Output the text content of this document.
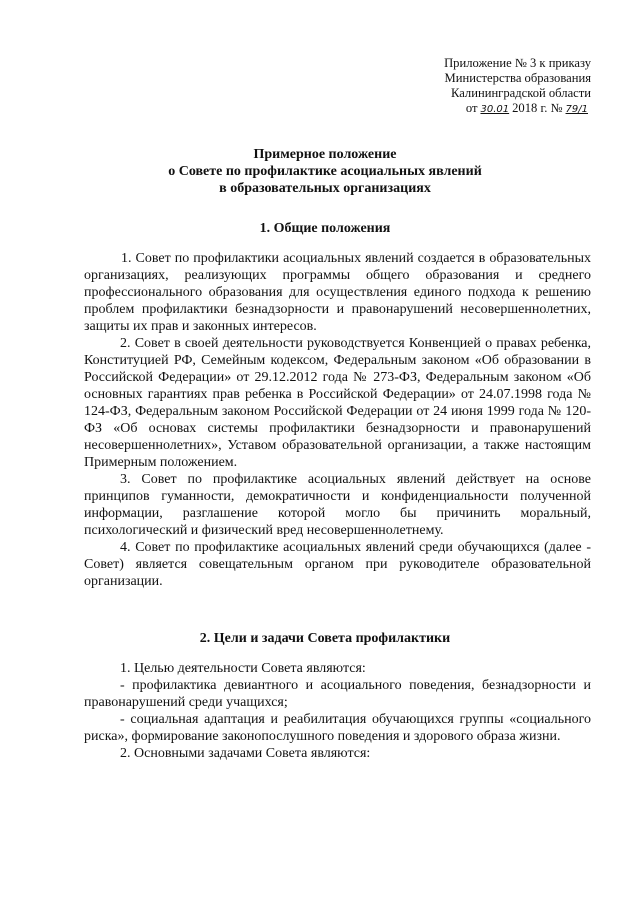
Приложение № 3 к приказу
Министерства образования
Калининградской области
от 30.01 2018 г. № 79/1
Примерное положение
о Совете по профилактике асоциальных явлений
в образовательных организациях
1. Общие положения

1. Совет по профилактики асоциальных явлений создается в образовательных организациях, реализующих программы общего образования и среднего профессионального образования для осуществления единого подхода к решению проблем профилактики безнадзорности и правонарушений несовершеннолетних, защиты их прав и законных интересов.

2. Совет в своей деятельности руководствуется Конвенцией о правах ребенка, Конституцией РФ, Семейным кодексом, Федеральным законом «Об образовании в Российской Федерации» от 29.12.2012 года № 273-ФЗ, Федеральным законом «Об основных гарантиях прав ребенка в Российской Федерации» от 24.07.1998 года № 124-ФЗ, Федеральным законом Российской Федерации от 24 июня 1999 года № 120-ФЗ «Об основах системы профилактики безнадзорности и правонарушений несовершеннолетних», Уставом образовательной организации, а также настоящим Примерным положением.

3. Совет по профилактике асоциальных явлений действует на основе принципов гуманности, демократичности и конфиденциальности полученной информации, разглашение которой могло бы причинить моральный, психологический и физический вред несовершеннолетнему.

4. Совет по профилактике асоциальных явлений среди обучающихся (далее - Совет) является совещательным органом при руководителе образовательной организации.

2. Цели и задачи Совета профилактики

1. Целью деятельности Совета являются:

- профилактика девиантного и асоциального поведения, безнадзорности и правонарушений среди учащихся;

- социальная адаптация и реабилитация обучающихся группы «социального риска», формирование законопослушного поведения и здорового образа жизни.

2. Основными задачами Совета являются:
